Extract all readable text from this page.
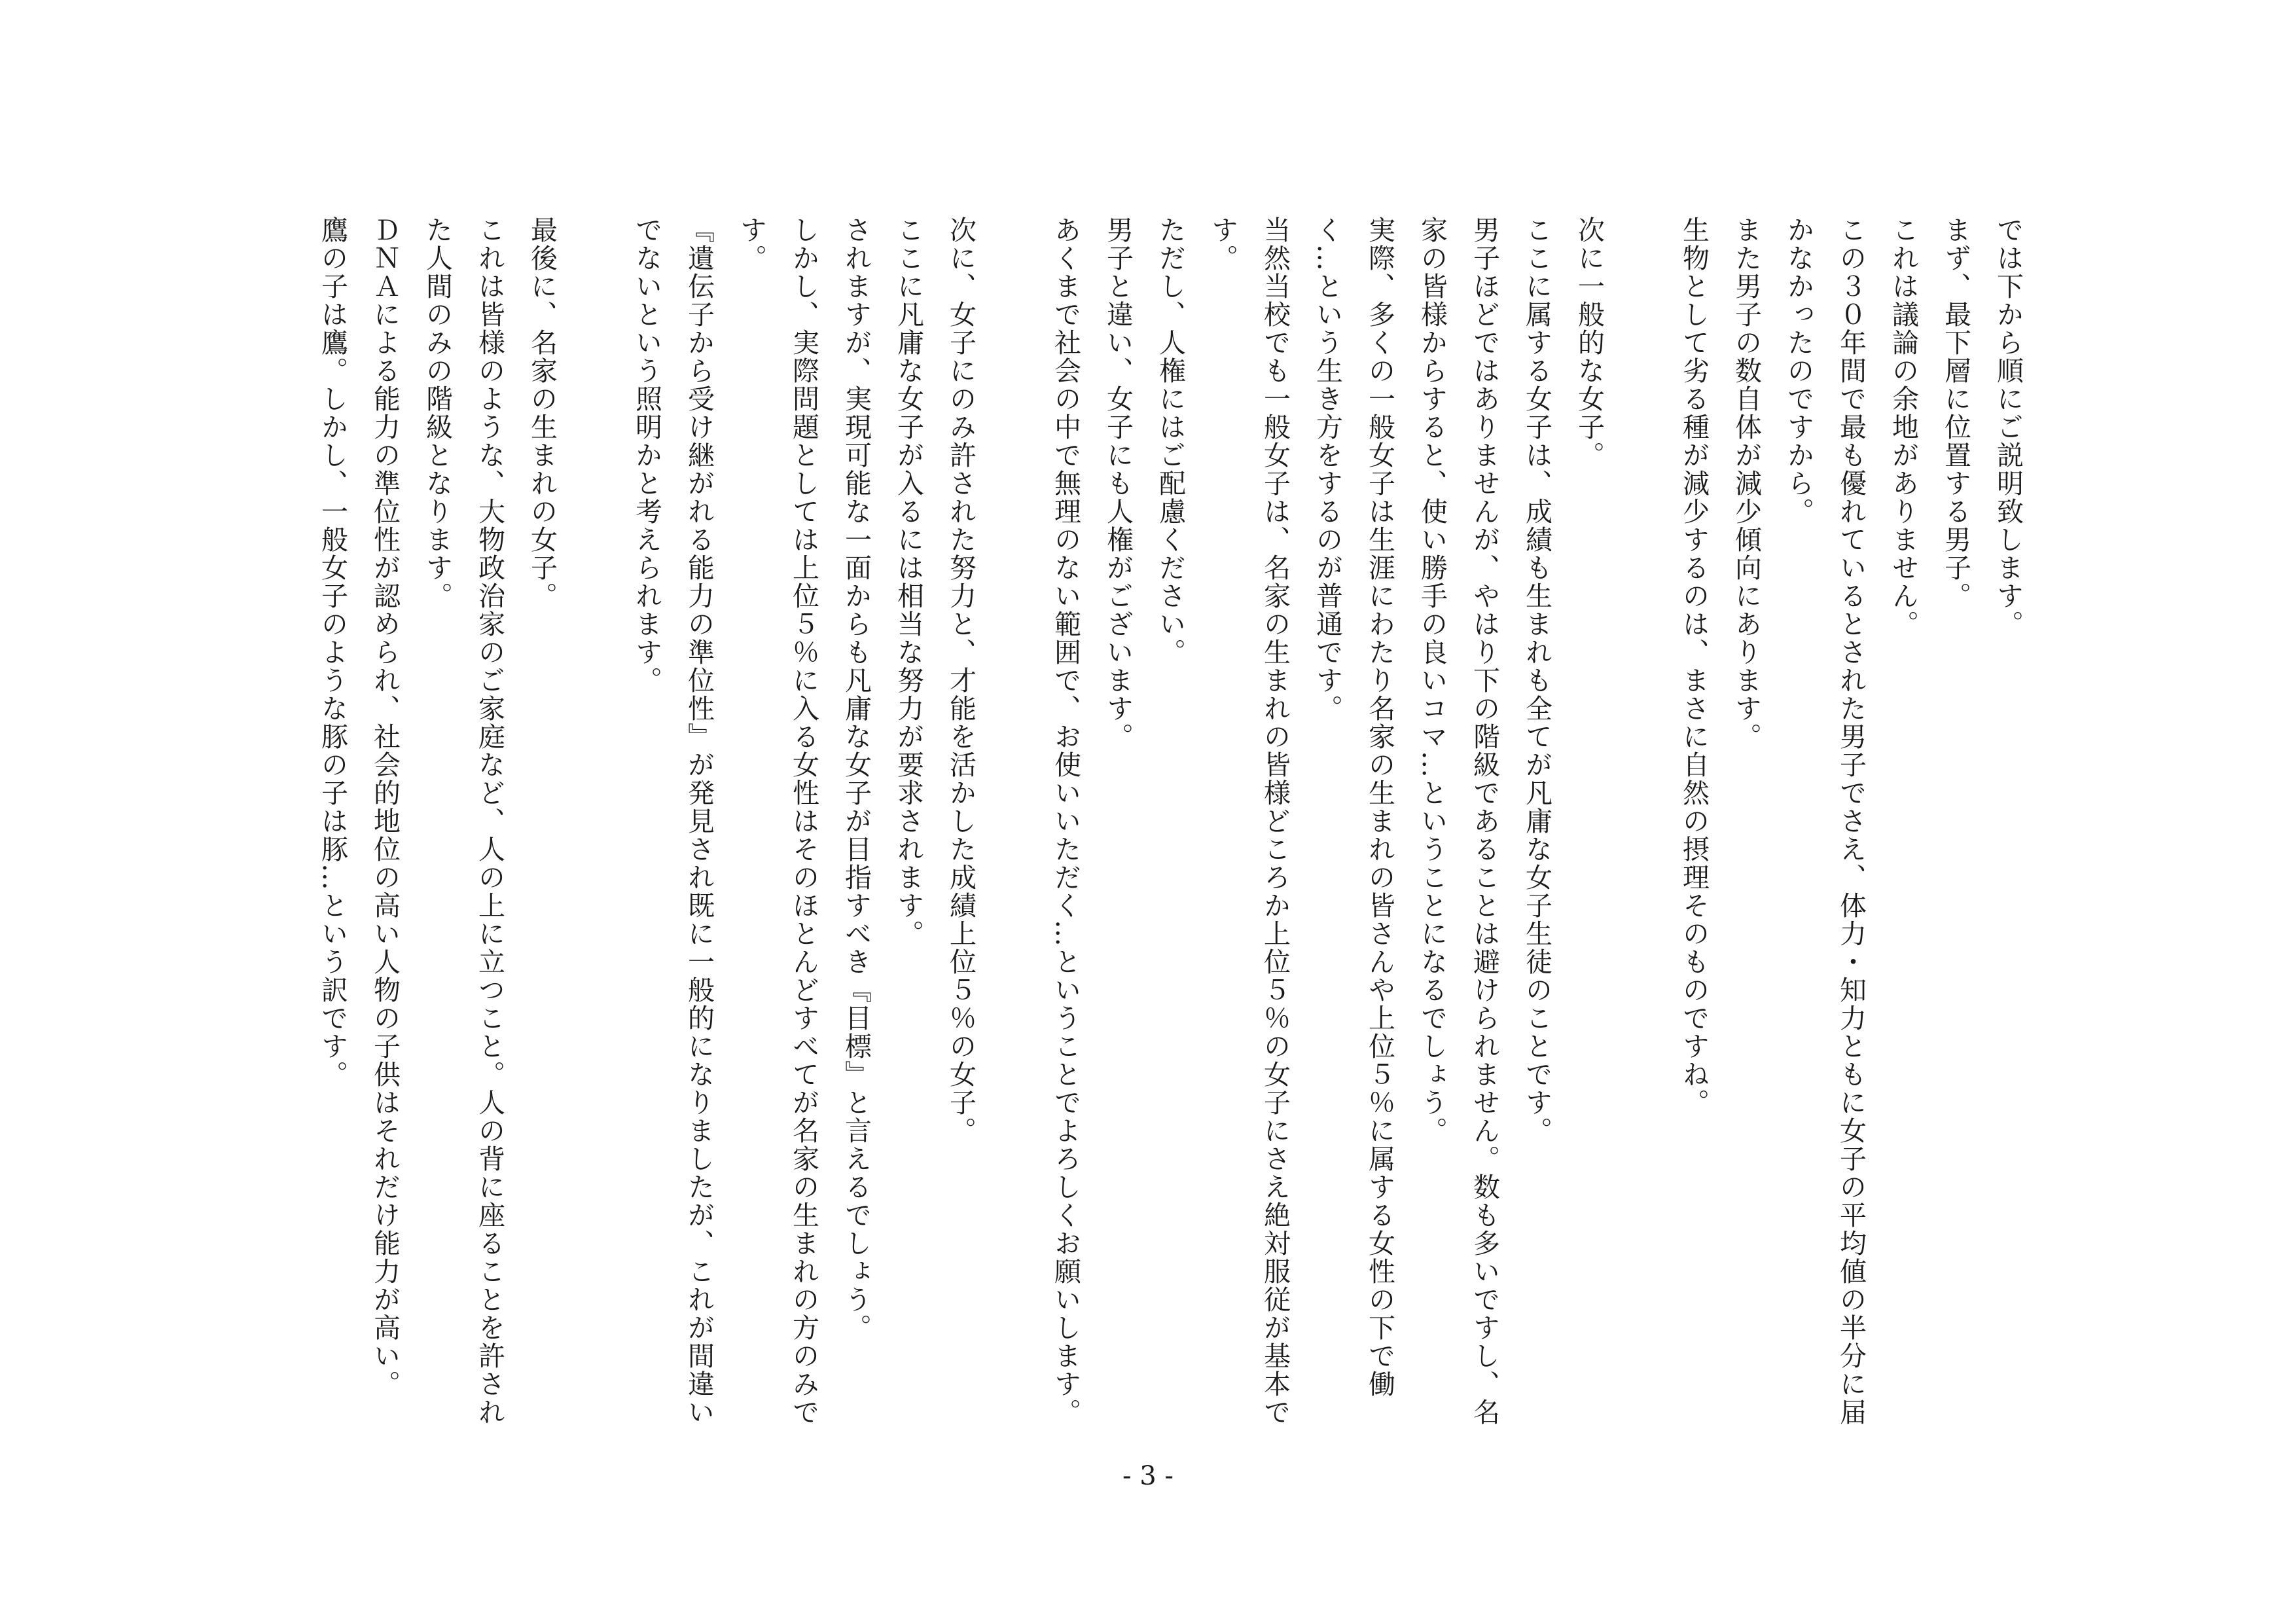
では下から順にご説明致します。
まず、最下層に位置する男子。
これは議論の余地がありません。
この３０年間で最も優れているとされた男子でさえ、体力・知力ともに女子の平均値の半分に届かなかったのですから。
また男子の数自体が減少傾向にあります。
生物として劣る種が減少するのは、まさに自然の摂理そのものですね。
次に一般的な女子。
ここに属する女子は、成績も生まれも全てが凡庸な女子生徒のことです。
男子ほどではありませんが、やはり下の階級であることは避けられません。数も多いですし、名家の皆様からすると、使い勝手の良いコマ…ということになるでしょう。
実際、多くの一般女子は生涯にわたり名家の生まれの皆さんや上位５％に属する女性の下で働く…という生き方をするのが普通です。
当然当校でも一般女子は、名家の生まれの皆様どころか上位５％の女子にさえ絶対服従が基本です。
ただし、人権にはご配慮ください。
男子と違い、女子にも人権がございます。
あくまで社会の中で無理のない範囲で、お使いいただく…ということでよろしくお願いします。
次に、女子にのみ許された努力と、才能を活かした成績上位５％の女子。
ここに凡庸な女子が入るには相当な努力が要求されます。
されますが、実現可能な一面からも凡庸な女子が目指すべき『目標』と言えるでしょう。
しかし、実際問題としては上位５％に入る女性はそのほとんどすべてが名家の生まれの方のみです。
『遺伝子から受け継がれる能力の準位性』が発見され既に一般的になりましたが、これが間違いでないという照明かと考えられます。
最後に、名家の生まれの女子。
これは皆様のような、大物政治家のご家庭など、人の上に立つこと。人の背に座ることを許された人間のみの階級となります。
ＤＮＡによる能力の準位性が認められ、社会的地位の高い人物の子供はそれだけ能力が高い。
鷹の子は鷹。しかし、一般女子のような豚の子は豚…という訳です。
- 3 -
